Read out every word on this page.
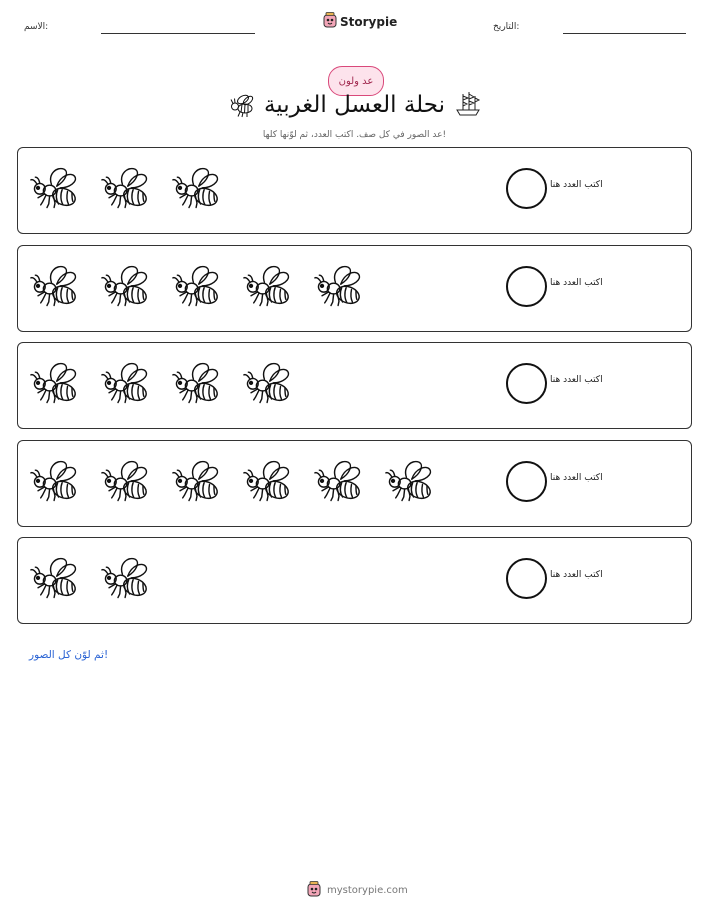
الاسم:	Storypie	التاريخ:
عد ولون
نحلة العسل الغربية
عد الصور في كل صف. اكتب العدد، ثم لوّنها كلها!
اكتب العدد هنا
اكتب العدد هنا
اكتب العدد هنا
اكتب العدد هنا
اكتب العدد هنا
ثم لوّن كل الصور!
mystorypie.com
